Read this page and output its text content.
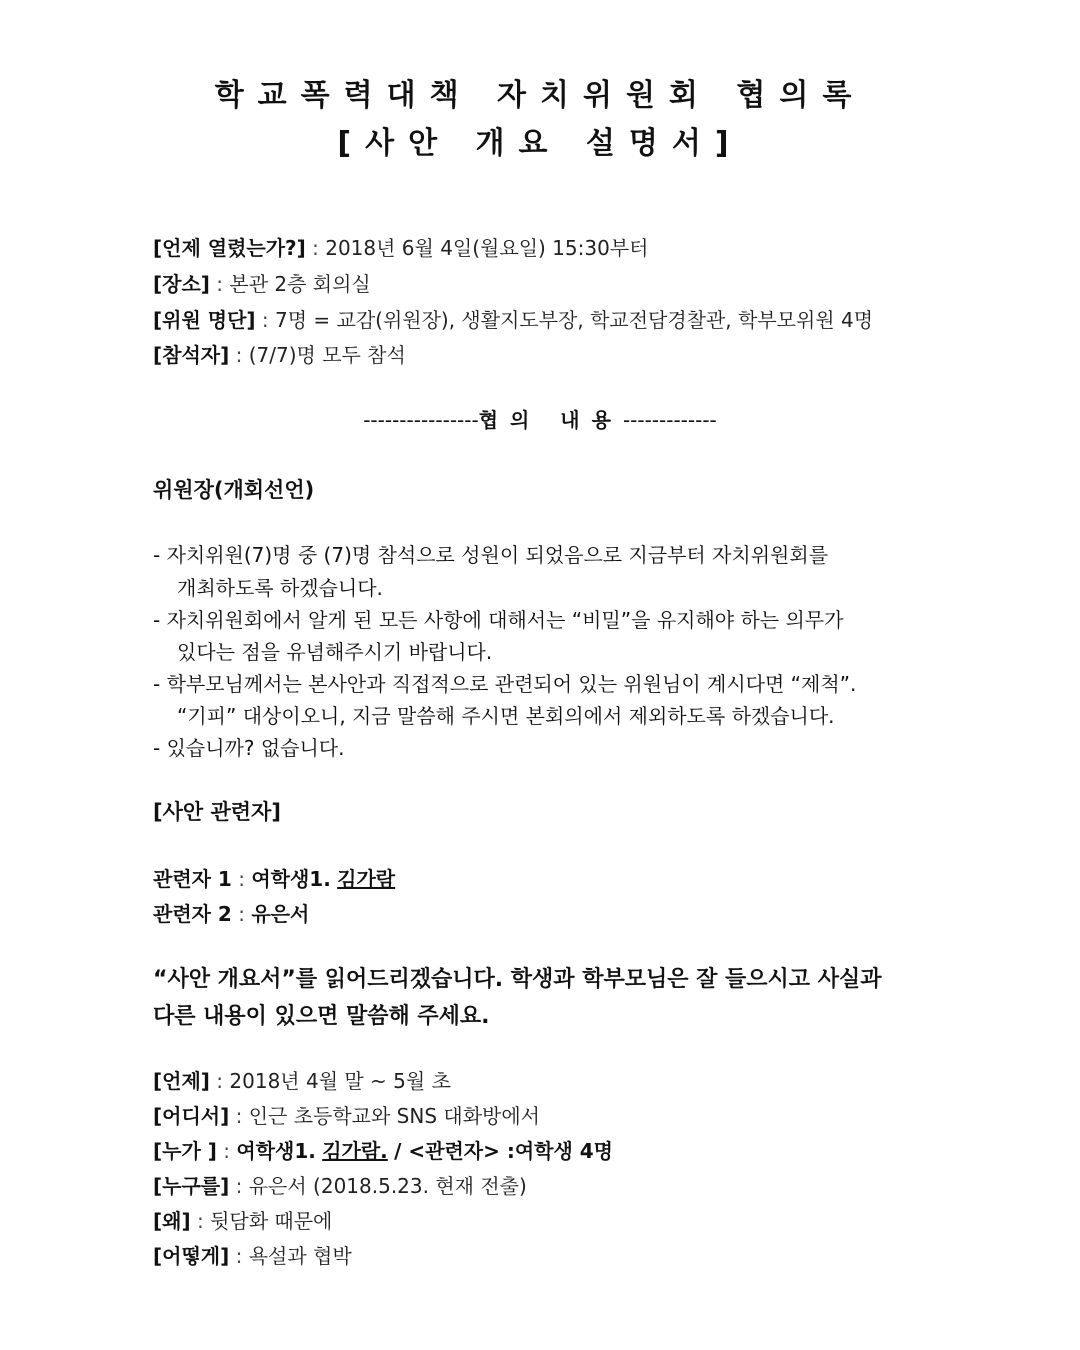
학교폭력대책 자치위원회 협의록
[사안 개요 설명서]
[언제 열렸는가?] : 2018년 6월 4일(월요일) 15:30부터
[장소] : 본관 2층 회의실
[위원 명단] : 7명 = 교감(위원장), 생활지도부장, 학교전담경찰관, 학부모위원 4명
[참석자] : (7/7)명 모두 참석
----------------협의 내용-------------
위원장(개회선언)
- 자치위원(7)명 중 (7)명 참석으로 성원이 되었음으로 지금부터 자치위원회를
개최하도록 하겠습니다.
- 자치위원회에서 알게 된 모든 사항에 대해서는 “비밀”을 유지해야 하는 의무가
있다는 점을 유념해주시기 바랍니다.
- 학부모님께서는 본사안과 직접적으로 관련되어 있는 위원님이 계시다면 “제척”.
“기피” 대상이오니, 지금 말씀해 주시면 본회의에서 제외하도록 하겠습니다.
- 있습니까? 없습니다.
[사안 관련자]
관련자 1 : 여학생1. 김가람
관련자 2 : 유은서
“사안 개요서”를 읽어드리겠습니다. 학생과 학부모님은 잘 들으시고 사실과
다른 내용이 있으면 말씀해 주세요.
[언제] : 2018년 4월 말 ~ 5월 초
[어디서] : 인근 초등학교와 SNS 대화방에서
[누가 ] : 여학생1. 김가람. / <관련자> :여학생 4명
[누구를] : 유은서 (2018.5.23. 현재 전출)
[왜] : 뒷담화 때문에
[어떻게] : 욕설과 협박
